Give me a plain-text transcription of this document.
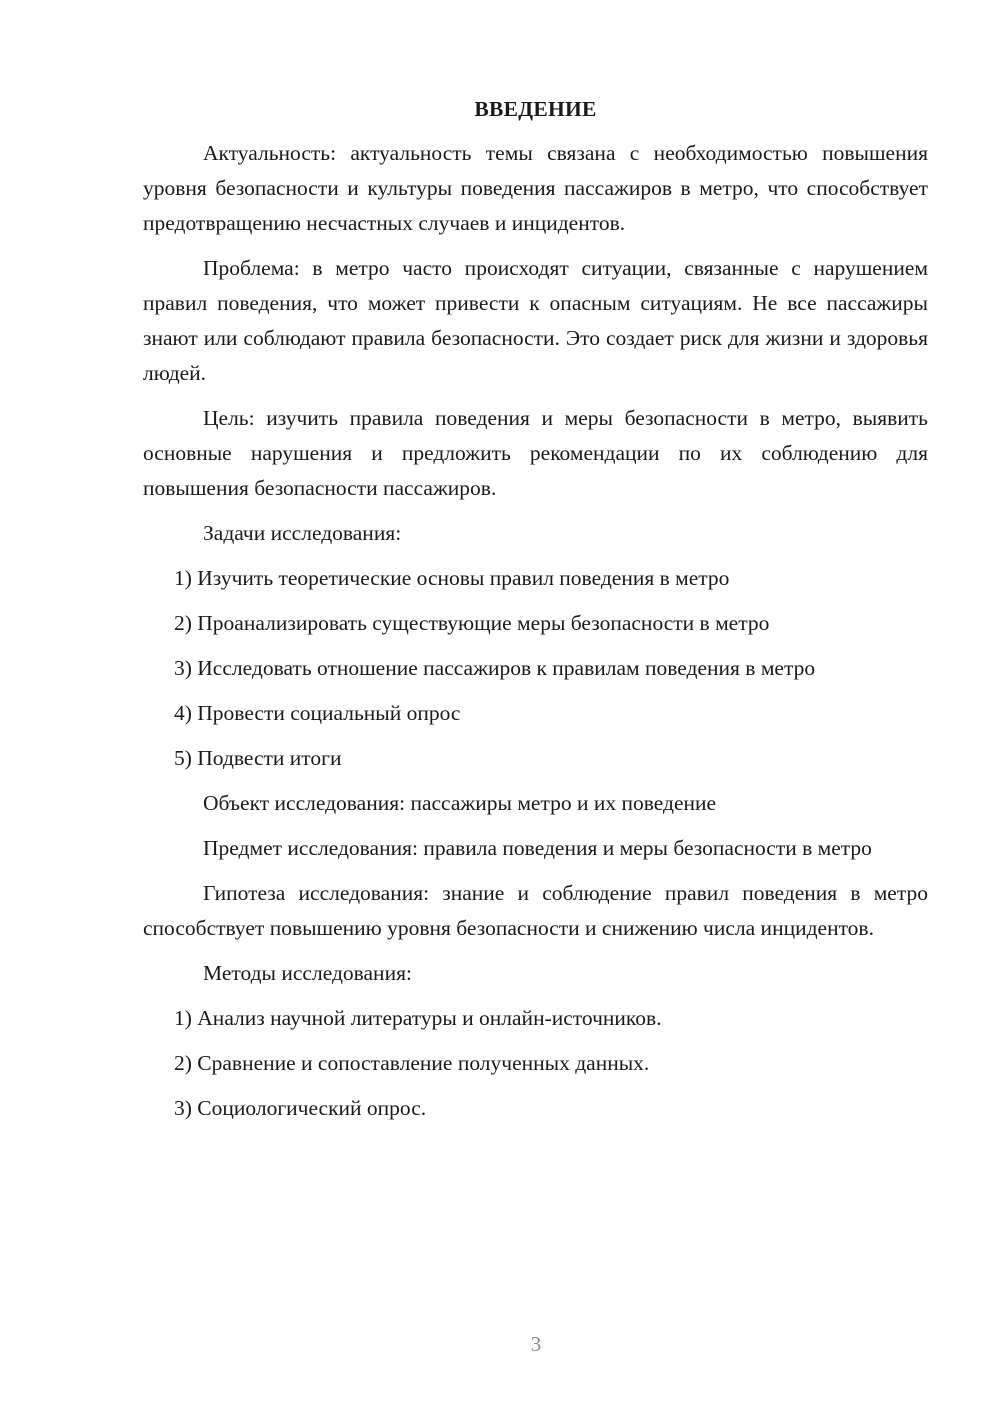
ВВЕДЕНИЕ

Актуальность: актуальность темы связана с необходимостью повышения уровня безопасности и культуры поведения пассажиров в метро, что способствует предотвращению несчастных случаев и инцидентов.

Проблема: в метро часто происходят ситуации, связанные с нарушением правил поведения, что может привести к опасным ситуациям. Не все пассажиры знают или соблюдают правила безопасности. Это создает риск для жизни и здоровья людей.

Цель: изучить правила поведения и меры безопасности в метро, выявить основные нарушения и предложить рекомендации по их соблюдению для повышения безопасности пассажиров.

Задачи исследования:

1) Изучить теоретические основы правил поведения в метро

2) Проанализировать существующие меры безопасности в метро

3) Исследовать отношение пассажиров к правилам поведения в метро

4) Провести социальный опрос

5) Подвести итоги

Объект исследования: пассажиры метро и их поведение

Предмет исследования: правила поведения и меры безопасности в метро

Гипотеза исследования: знание и соблюдение правил поведения в метро способствует повышению уровня безопасности и снижению числа инцидентов.

Методы исследования:

1) Анализ научной литературы и онлайн-источников.

2) Сравнение и сопоставление полученных данных.

3) Социологический опрос.

3
